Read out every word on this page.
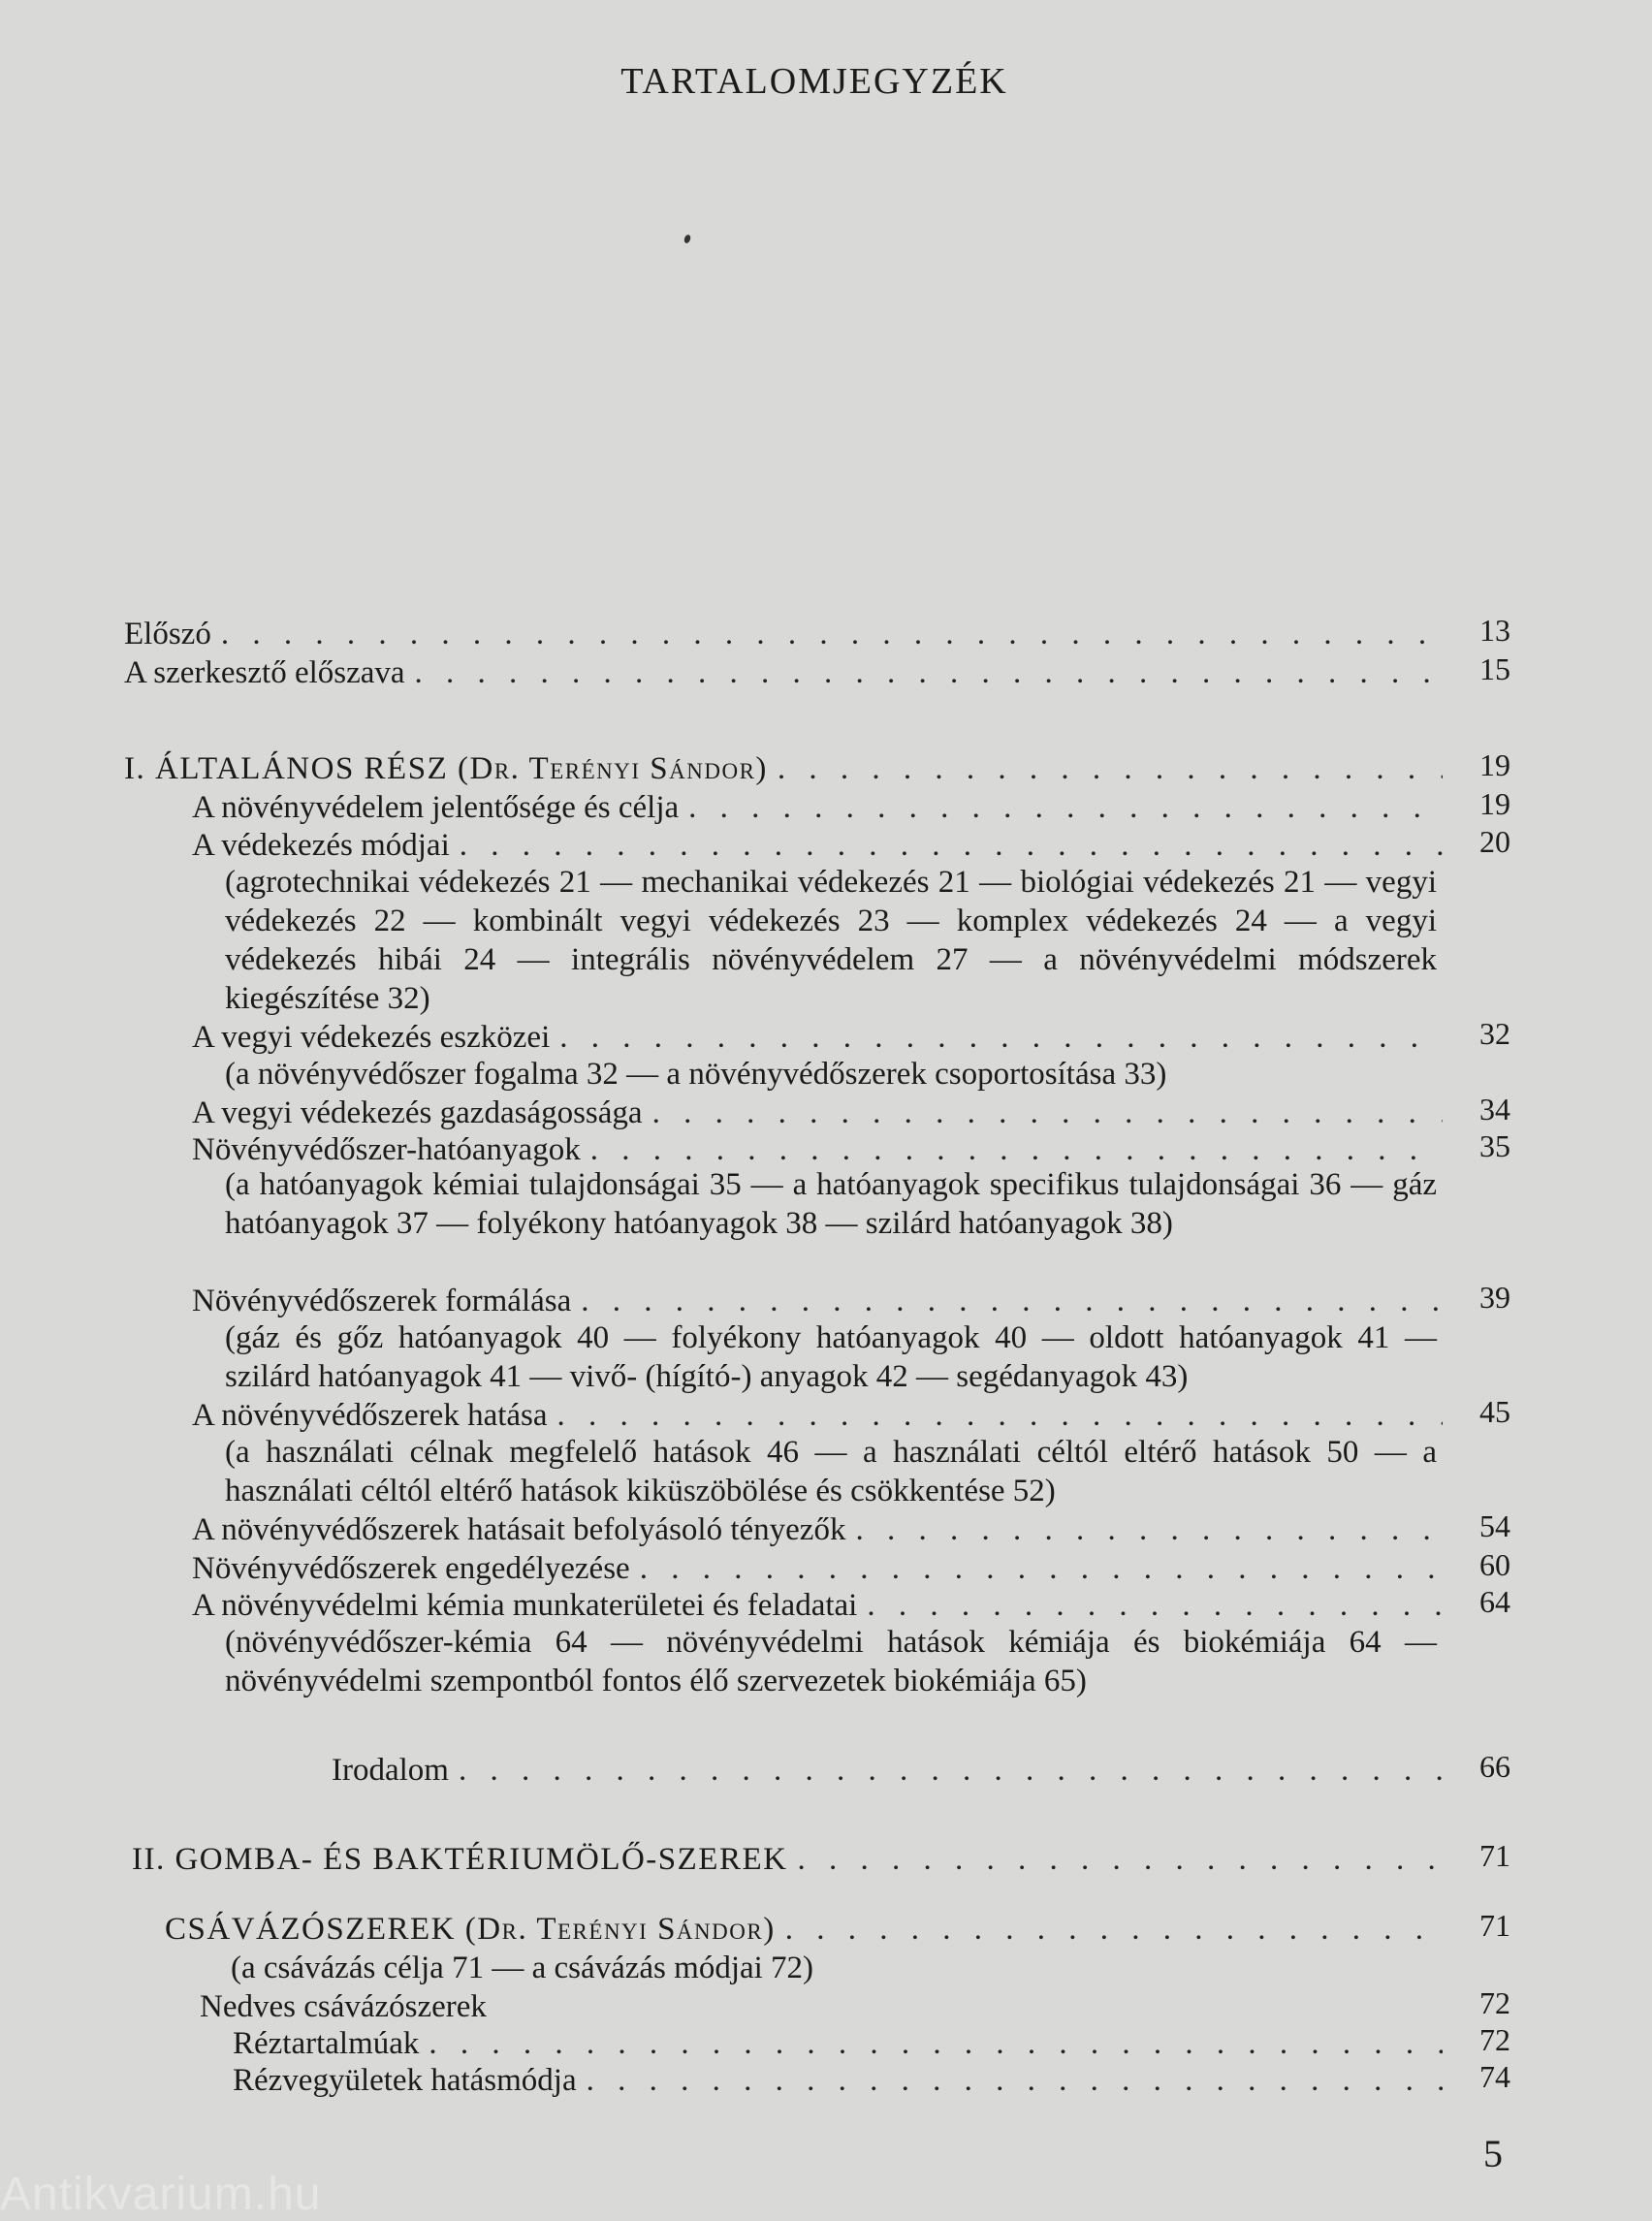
TARTALOMJEGYZÉK
Előszó . . .	13
A szerkesztő előszava . . .	15
I. ÁLTALÁNOS RÉSZ (Dr. Terényi Sándor) . . .	19
A növényvédelem jelentősége és célja . . .	19
A védekezés módjai . . .	20
(agrotechnikai védekezés 21 — mechanikai védekezés 21 — biológiai védekezés 21 — vegyi védekezés 22 — kombinált vegyi védekezés 23 — komplex védekezés 24 — a vegyi védekezés hibái 24 — integrális növényvédelem 27 — a növényvédelmi módszerek kiegészítése 32)
A vegyi védekezés eszközei . . .	32
(a növényvédőszer fogalma 32 — a növényvédőszerek csoportosítása 33)
A vegyi védekezés gazdaságossága . . .	34
Növényvédőszer-hatóanyagok . . .	35
(a hatóanyagok kémiai tulajdonságai 35 — a hatóanyagok specifikus tulajdonságai 36 — gáz hatóanyagok 37 — folyékony hatóanyagok 38 — szilárd hatóanyagok 38)
Növényvédőszerek formálása . . .	39
(gáz és gőz hatóanyagok 40 — folyékony hatóanyagok 40 — oldott hatóanyagok 41 — szilárd hatóanyagok 41 — vivő- (hígító-) anyagok 42 — segédanyagok 43)
A növényvédőszerek hatása . . .	45
(a használati célnak megfelelő hatások 46 — a használati céltól eltérő hatások 50 — a használati céltól eltérő hatások kiküszöbölése és csökkentése 52)
A növényvédőszerek hatásait befolyásoló tényezők . . .	54
Növényvédőszerek engedélyezése . . .	60
A növényvédelmi kémia munkaterületei és feladatai . . .	64
(növényvédőszer-kémia 64 — növényvédelmi hatások kémiája és biokémiája 64 — növényvédelmi szempontból fontos élő szervezetek biokémiája 65)
Irodalom . . .	66
II. GOMBA- ÉS BAKTÉRIUMÖLŐ-SZEREK . . .	71
CSÁVÁZÓSZEREK (Dr. Terényi Sándor) . . .	71
(a csávázás célja 71 — a csávázás módjai 72)
Nedves csávázószerek	72
Réztartalmúak . . .	72
Rézvegyületek hatásmódja . . .	74
5
Antikvarium.hu
